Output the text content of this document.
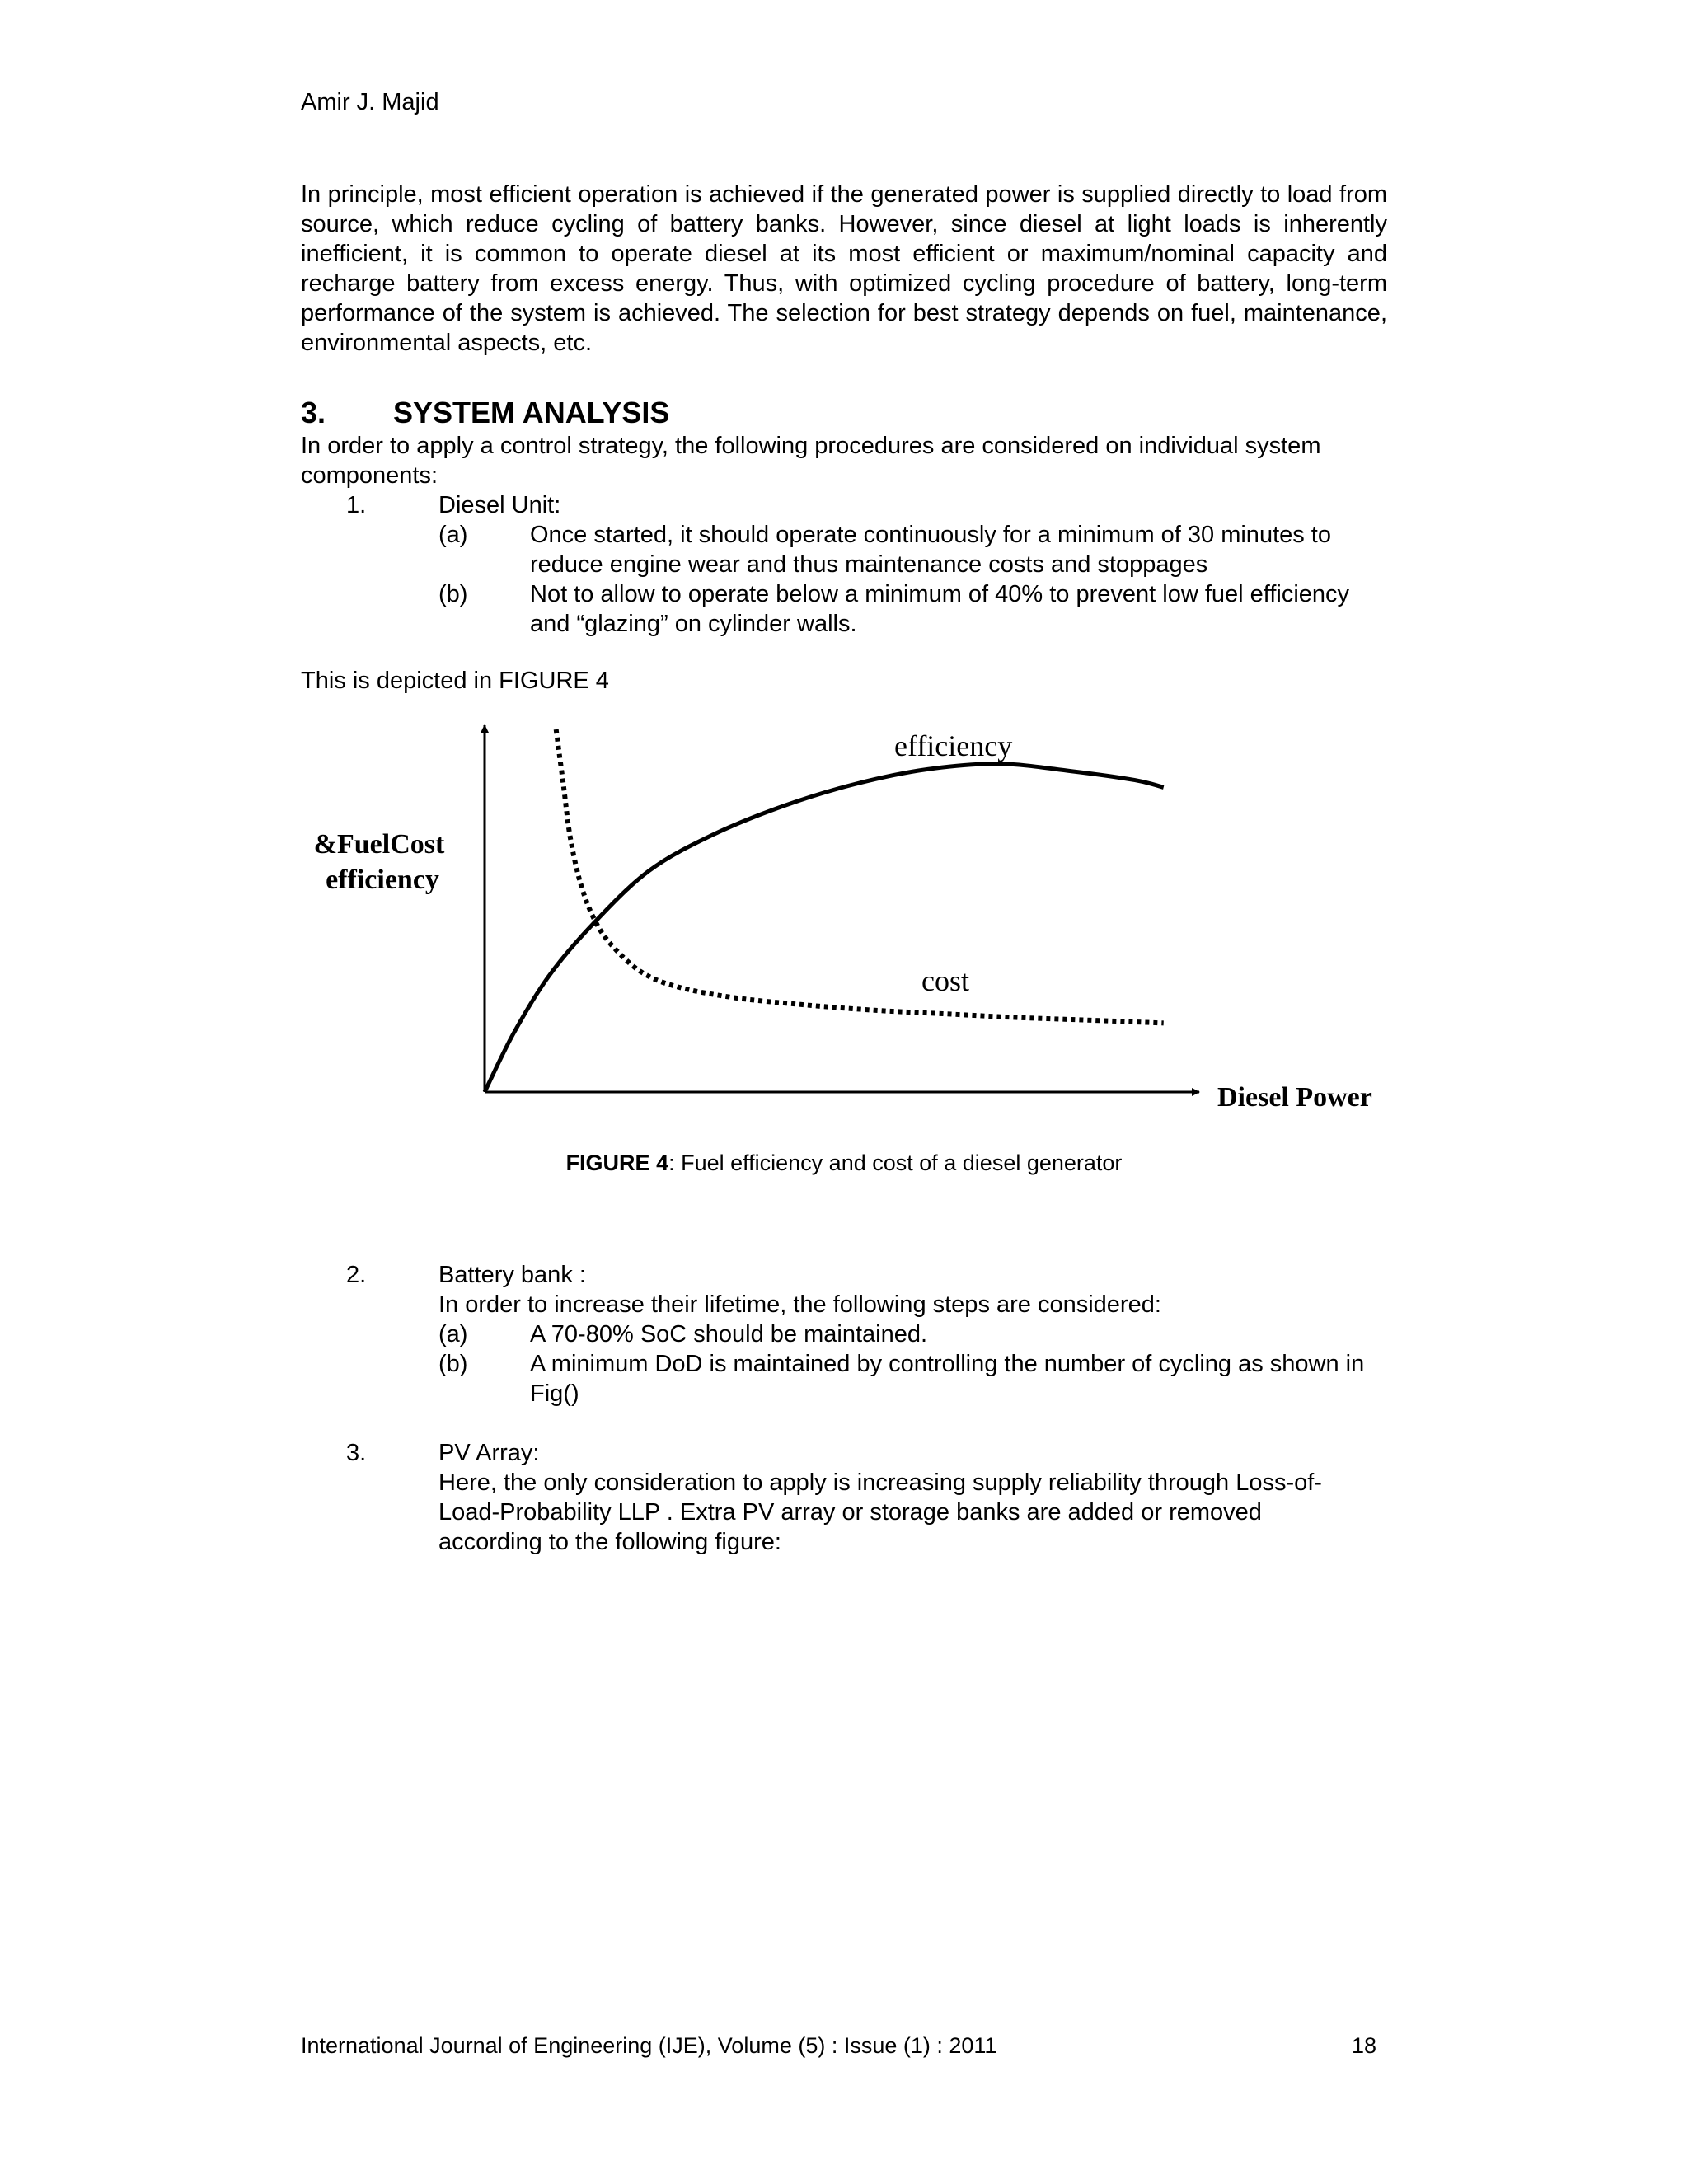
Amir J. Majid
In principle, most efficient operation is achieved if the generated power is supplied directly to load from source, which reduce cycling of battery banks. However, since diesel at light loads is inherently inefficient, it is common to operate diesel at its most efficient or maximum/nominal capacity and recharge battery from excess energy. Thus, with optimized cycling procedure of battery, long-term performance of the system is achieved. The selection for best strategy depends on fuel, maintenance, environmental aspects, etc.
3. SYSTEM ANALYSIS
In order to apply a control strategy, the following procedures are considered on individual system components:
1.	Diesel Unit:
(a)	Once started, it should operate continuously for a minimum of 30 minutes to reduce engine wear and thus maintenance costs and stoppages
(b)	Not to allow to operate below a minimum of 40% to prevent low fuel efficiency and “glazing” on cylinder walls.
This is depicted in FIGURE 4
&FuelCost
efficiency
Diesel Power
efficiency
cost
FIGURE 4: Fuel efficiency and cost of a diesel generator
2.	Battery bank :
In order to increase their lifetime, the following steps are considered:
(a)	A 70-80% SoC should be maintained.
(b)	A minimum DoD is maintained by controlling the number of cycling as shown in Fig()
3.	PV Array:
Here, the only consideration to apply is increasing supply reliability through Loss-of-Load-Probability LLP . Extra PV array or storage banks are added or removed according to the following figure:
International Journal of Engineering (IJE), Volume (5) : Issue (1) : 2011	18
